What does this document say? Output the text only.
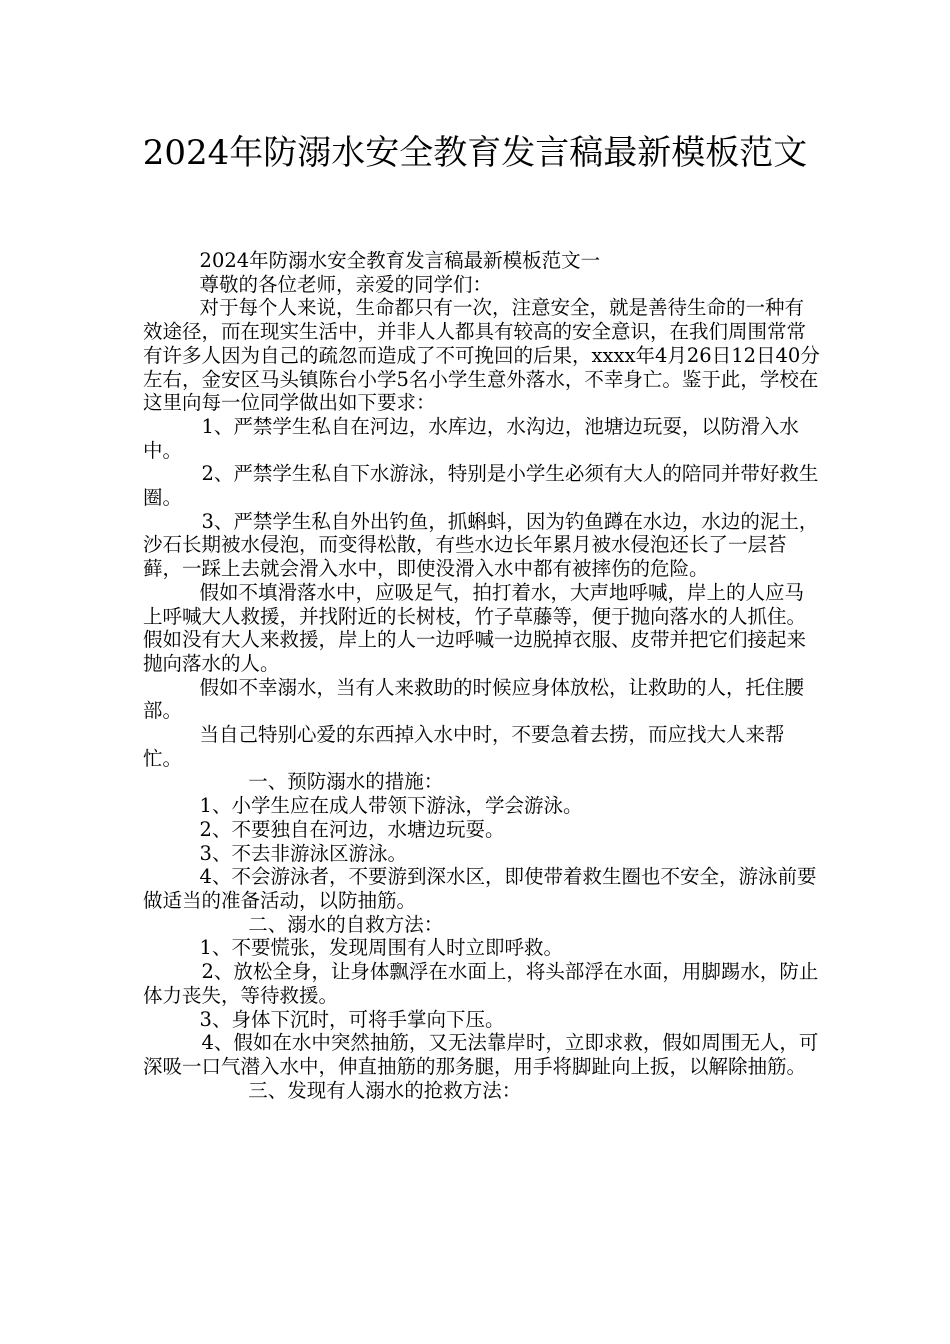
2024年防溺水安全教育发言稿最新模板范文

2024年防溺水安全教育发言稿最新模板范文一

尊敬的各位老师，亲爱的同学们：

对于每个人来说，生命都只有一次，注意安全，就是善待生命的一种有效途径，而在现实生活中，并非人人都具有较高的安全意识，在我们周围常常有许多人因为自己的疏忽而造成了不可挽回的后果，xxxx年4月26日12日40分左右，金安区马头镇陈台小学5名小学生意外落水，不幸身亡。鉴于此，学校在这里向每一位同学做出如下要求：

1、严禁学生私自在河边，水库边，水沟边，池塘边玩耍，以防滑入水中。

2、严禁学生私自下水游泳，特别是小学生必须有大人的陪同并带好救生圈。

3、严禁学生私自外出钓鱼，抓蝌蚪，因为钓鱼蹲在水边，水边的泥土，沙石长期被水侵泡，而变得松散，有些水边长年累月被水侵泡还长了一层苔藓，一踩上去就会滑入水中，即使没滑入水中都有被摔伤的危险。

假如不填滑落水中，应吸足气，拍打着水，大声地呼喊，岸上的人应马上呼喊大人救援，并找附近的长树枝，竹子草藤等，便于抛向落水的人抓住。假如没有大人来救援，岸上的人一边呼喊一边脱掉衣服、皮带并把它们接起来抛向落水的人。

假如不幸溺水，当有人来救助的时候应身体放松，让救助的人，托住腰部。

当自己特别心爱的东西掉入水中时，不要急着去捞，而应找大人来帮忙。

一、预防溺水的措施：

1、小学生应在成人带领下游泳，学会游泳。

2、不要独自在河边，水塘边玩耍。

3、不去非游泳区游泳。

4、不会游泳者，不要游到深水区，即使带着救生圈也不安全，游泳前要做适当的准备活动，以防抽筋。

二、溺水的自救方法：

1、不要慌张，发现周围有人时立即呼救。

2、放松全身，让身体飘浮在水面上，将头部浮在水面，用脚踢水，防止体力丧失，等待救援。

3、身体下沉时，可将手掌向下压。

4、假如在水中突然抽筋，又无法靠岸时，立即求救，假如周围无人，可深吸一口气潜入水中，伸直抽筋的那务腿，用手将脚趾向上扳，以解除抽筋。

三、发现有人溺水的抢救方法：
